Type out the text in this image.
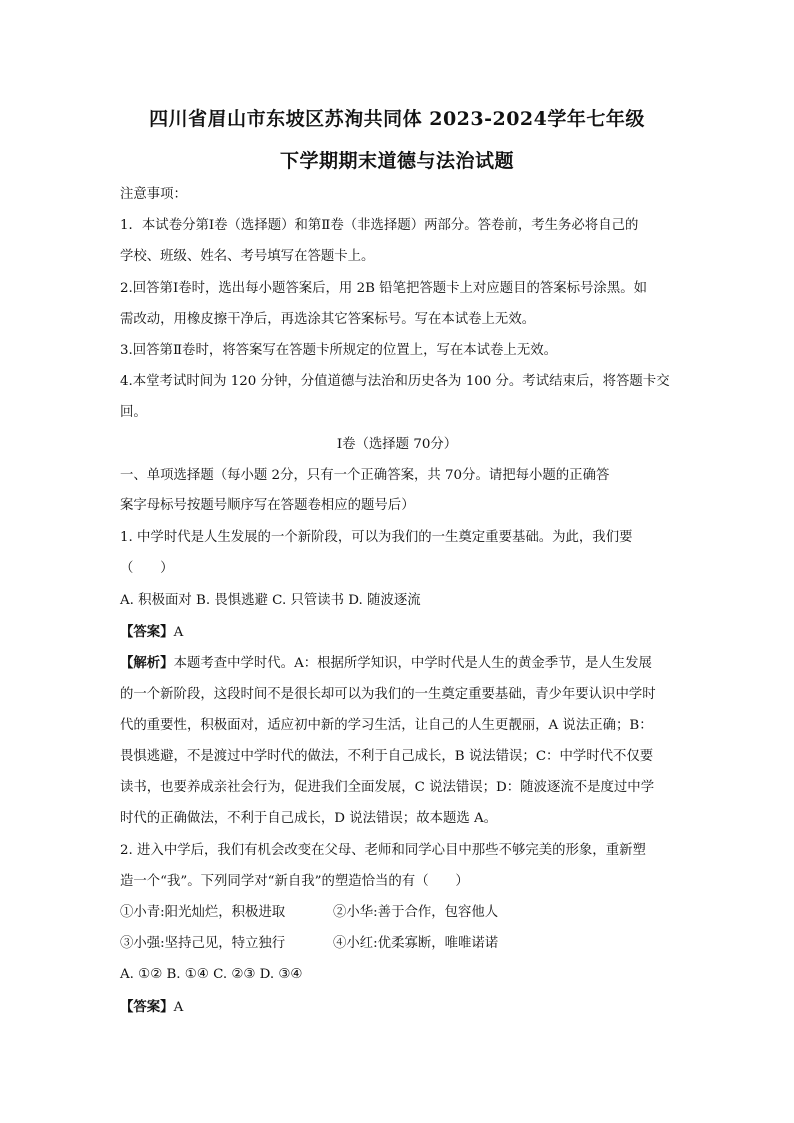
四川省眉山市东坡区苏洵共同体 2023-2024学年七年级
下学期期末道德与法治试题
注意事项：
1．本试卷分第Ⅰ卷（选择题）和第Ⅱ卷（非选择题）两部分。答卷前，考生务必将自己的
学校、班级、姓名、考号填写在答题卡上。
2.回答第Ⅰ卷时，选出每小题答案后，用 2B 铅笔把答题卡上对应题目的答案标号涂黑。如
需改动，用橡皮擦干净后，再选涂其它答案标号。写在本试卷上无效。
3.回答第Ⅱ卷时，将答案写在答题卡所规定的位置上，写在本试卷上无效。
4.本堂考试时间为 120 分钟，分值道德与法治和历史各为 100 分。考试结束后，将答题卡交
回。
Ⅰ卷（选择题 70分）
一、单项选择题（每小题 2分，只有一个正确答案，共 70分。请把每小题的正确答
案字母标号按题号顺序写在答题卷相应的题号后）
1. 中学时代是人生发展的一个新阶段，可以为我们的一生奠定重要基础。为此，我们要
（　　）
A. 积极面对 B. 畏惧逃避 C. 只管读书 D. 随波逐流
【答案】A
【解析】本题考查中学时代。A：根据所学知识，中学时代是人生的黄金季节，是人生发展
的一个新阶段，这段时间不是很长却可以为我们的一生奠定重要基础，青少年要认识中学时
代的重要性，积极面对，适应初中新的学习生活，让自己的人生更靓丽，A 说法正确；B：
畏惧逃避，不是渡过中学时代的做法，不利于自己成长，B 说法错误；C：中学时代不仅要
读书，也要养成亲社会行为，促进我们全面发展，C 说法错误；D：随波逐流不是度过中学
时代的正确做法，不利于自己成长，D 说法错误；故本题选 A。
2. 进入中学后，我们有机会改变在父母、老师和同学心目中那些不够完美的形象，重新塑
造一个“我”。下列同学对“新自我”的塑造恰当的有（　　）
①小青:阳光灿烂，积极进取	②小华:善于合作，包容他人
③小强:坚持己见，特立独行	④小红:优柔寡断，唯唯诺诺
A. ①② B. ①④ C. ②③ D. ③④
【答案】A
